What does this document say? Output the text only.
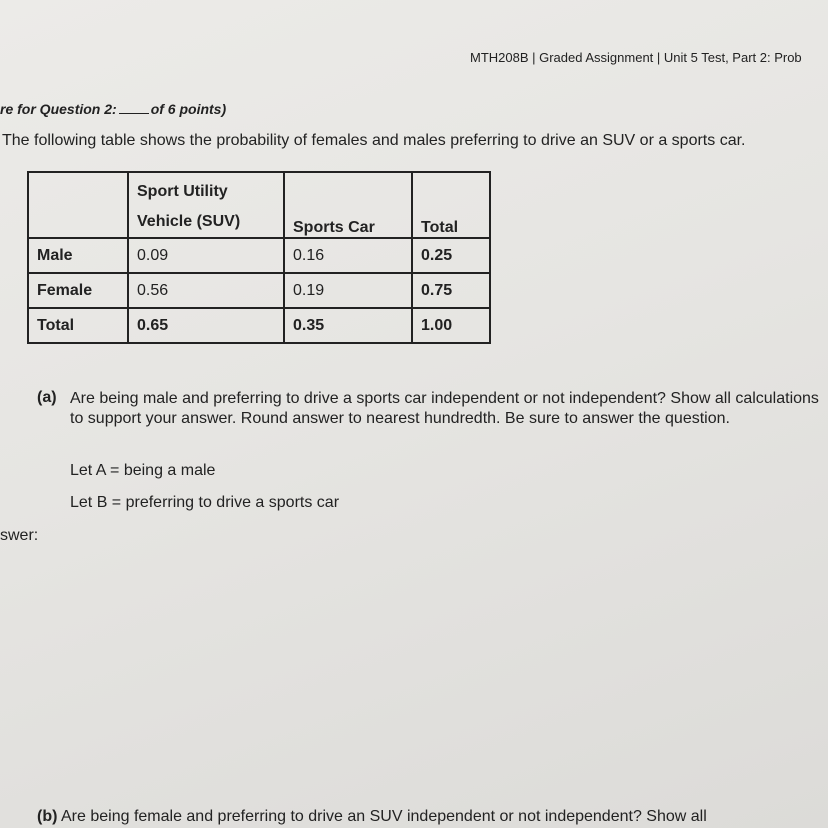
MTH208B | Graded Assignment | Unit 5 Test, Part 2: Prob
re for Question 2: of 6 points)
The following table shows the probability of females and males preferring to drive an SUV or a sports car.

	Sport Utility
Vehicle (SUV)	Sports Car	Total
Male	0.09	0.16	0.25
Female	0.56	0.19	0.75
Total	0.65	0.35	1.00
(a) Are being male and preferring to drive a sports car independent or not independent? Show all calculations to support your answer. Round answer to nearest hundredth. Be sure to answer the question.
Let A = being a male
Let B = preferring to drive a sports car
swer:
(b) Are being female and preferring to drive an SUV independent or not independent? Show all
